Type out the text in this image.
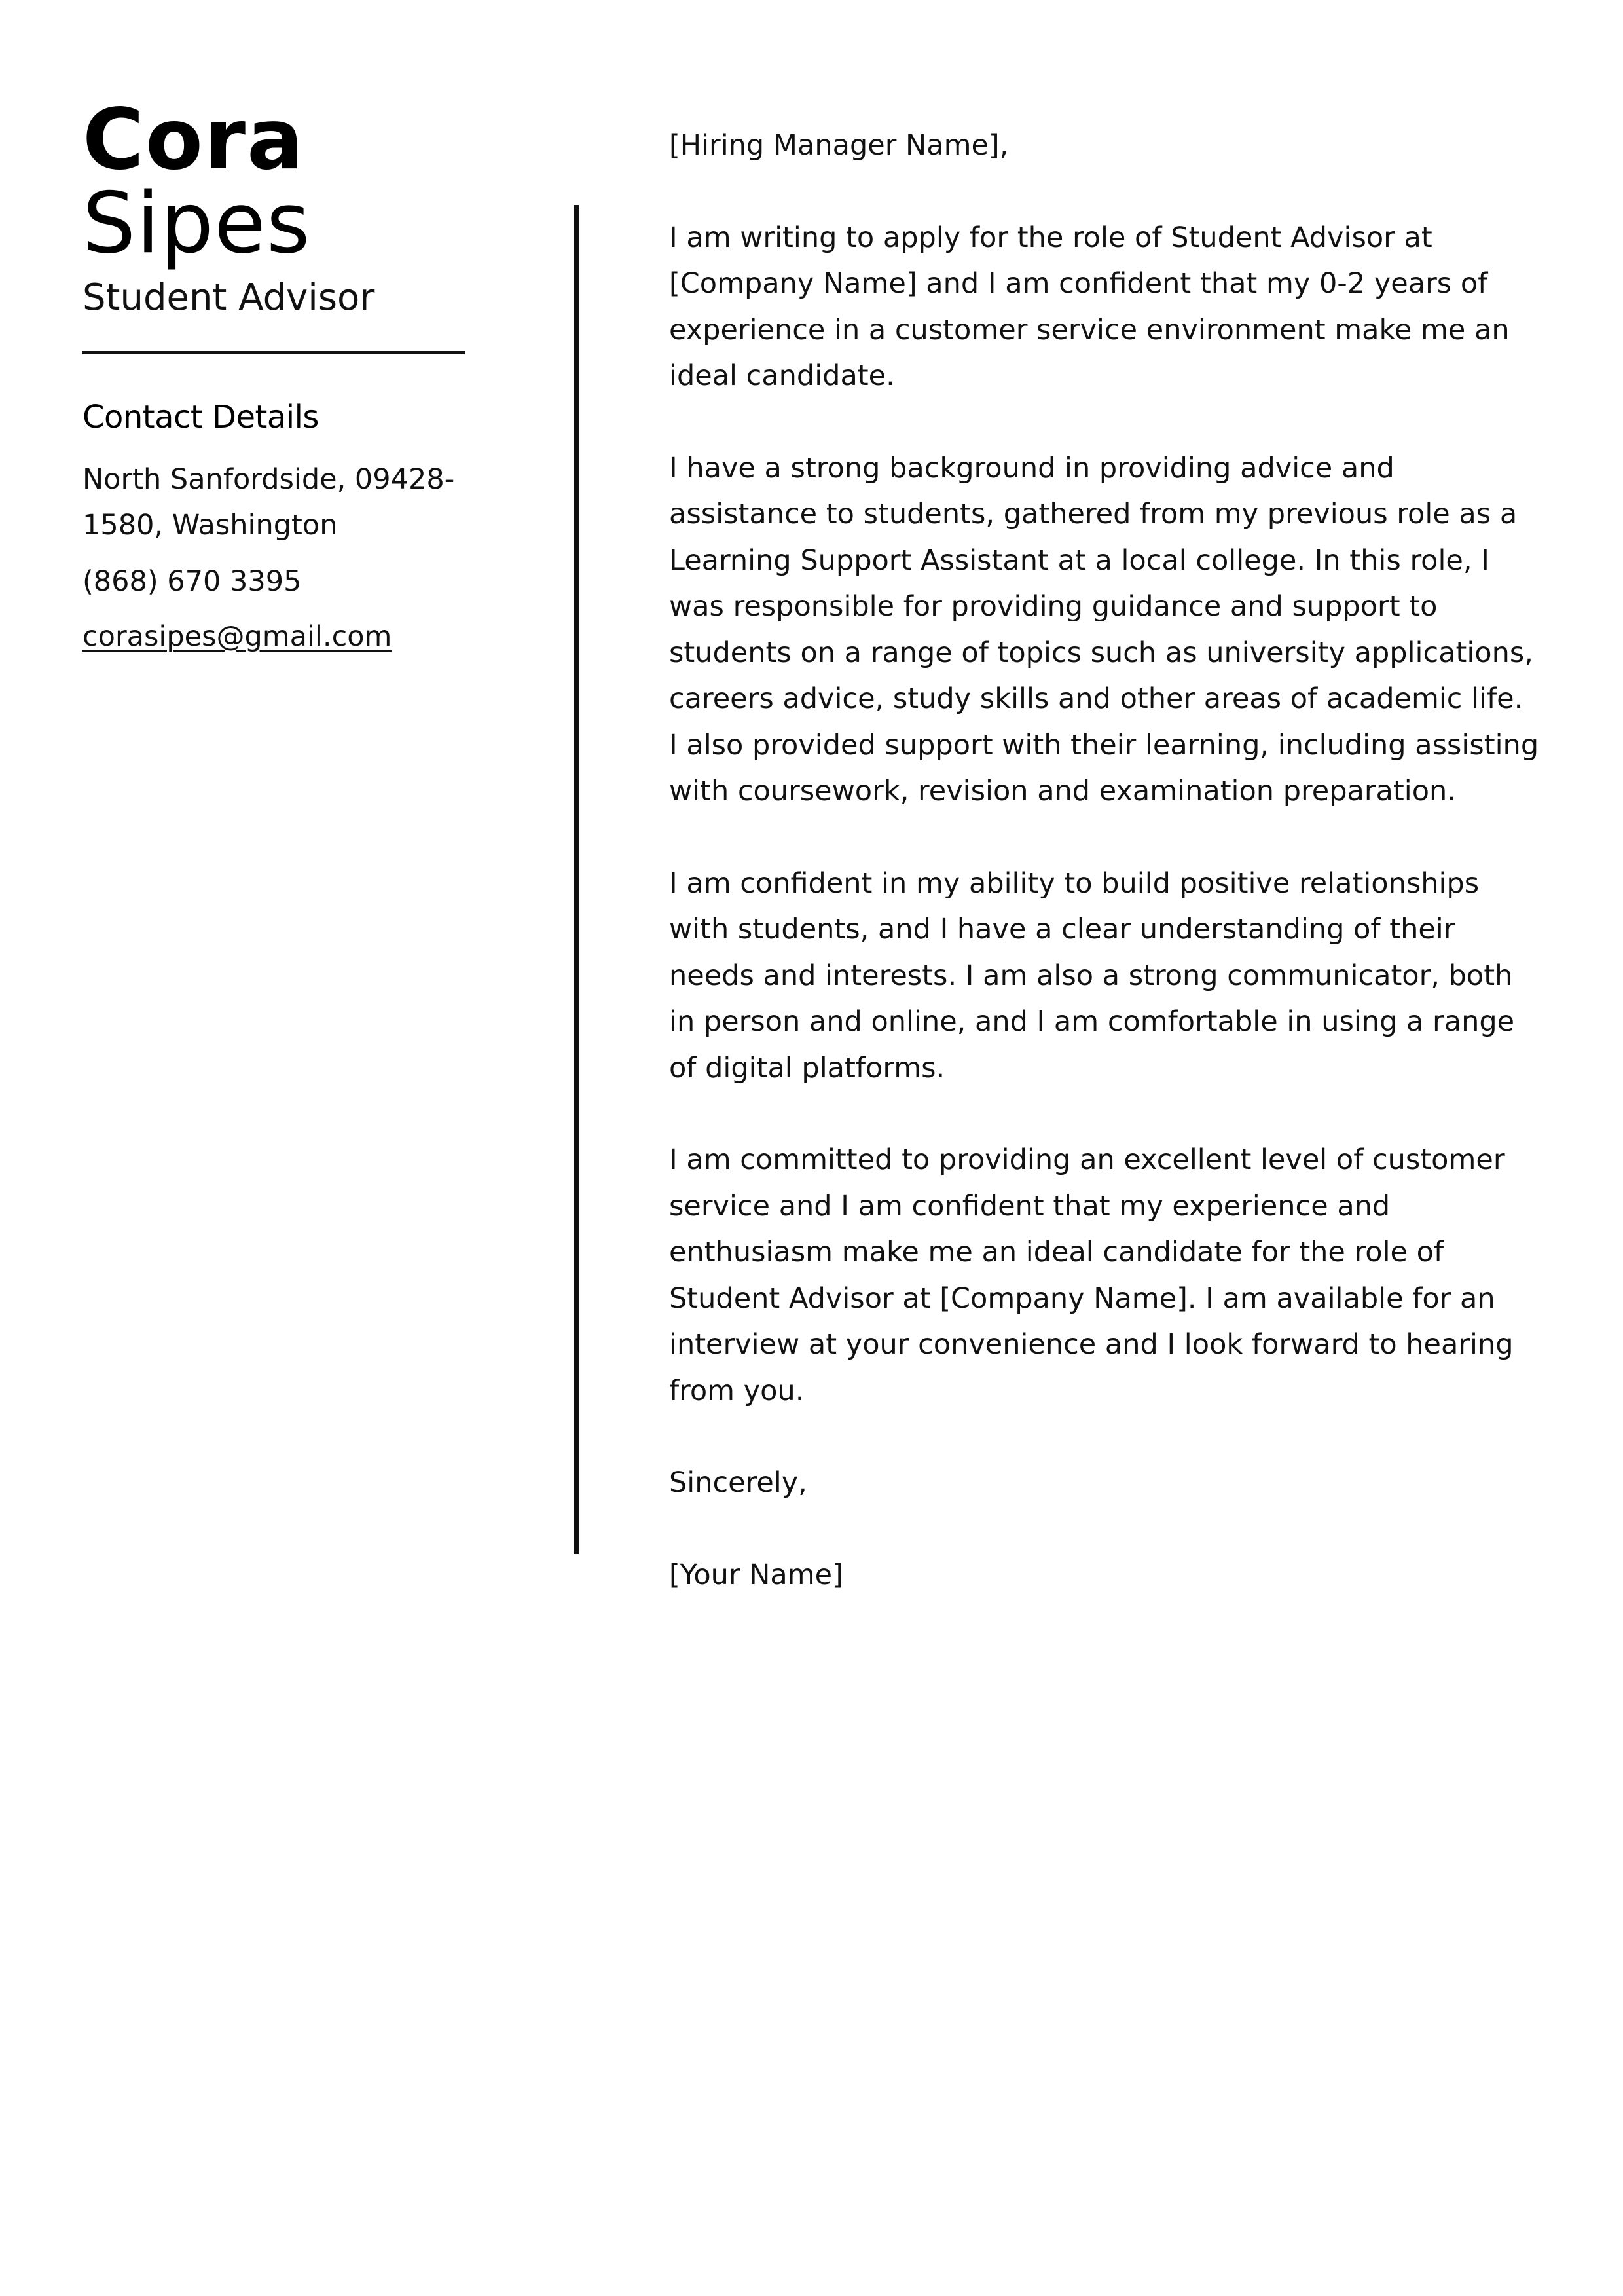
Cora
Sipes
Student Advisor
Contact Details
North Sanfordside, 09428-1580, Washington
(868) 670 3395
corasipes@gmail.com

[Hiring Manager Name],

I am writing to apply for the role of Student Advisor at [Company Name] and I am confident that my 0-2 years of experience in a customer service environment make me an ideal candidate.

I have a strong background in providing advice and assistance to students, gathered from my previous role as a Learning Support Assistant at a local college. In this role, I was responsible for providing guidance and support to students on a range of topics such as university applications, careers advice, study skills and other areas of academic life. I also provided support with their learning, including assisting with coursework, revision and examination preparation.

I am confident in my ability to build positive relationships with students, and I have a clear understanding of their needs and interests. I am also a strong communicator, both in person and online, and I am comfortable in using a range of digital platforms.

I am committed to providing an excellent level of customer service and I am confident that my experience and enthusiasm make me an ideal candidate for the role of Student Advisor at [Company Name]. I am available for an interview at your convenience and I look forward to hearing from you.

Sincerely,

[Your Name]
